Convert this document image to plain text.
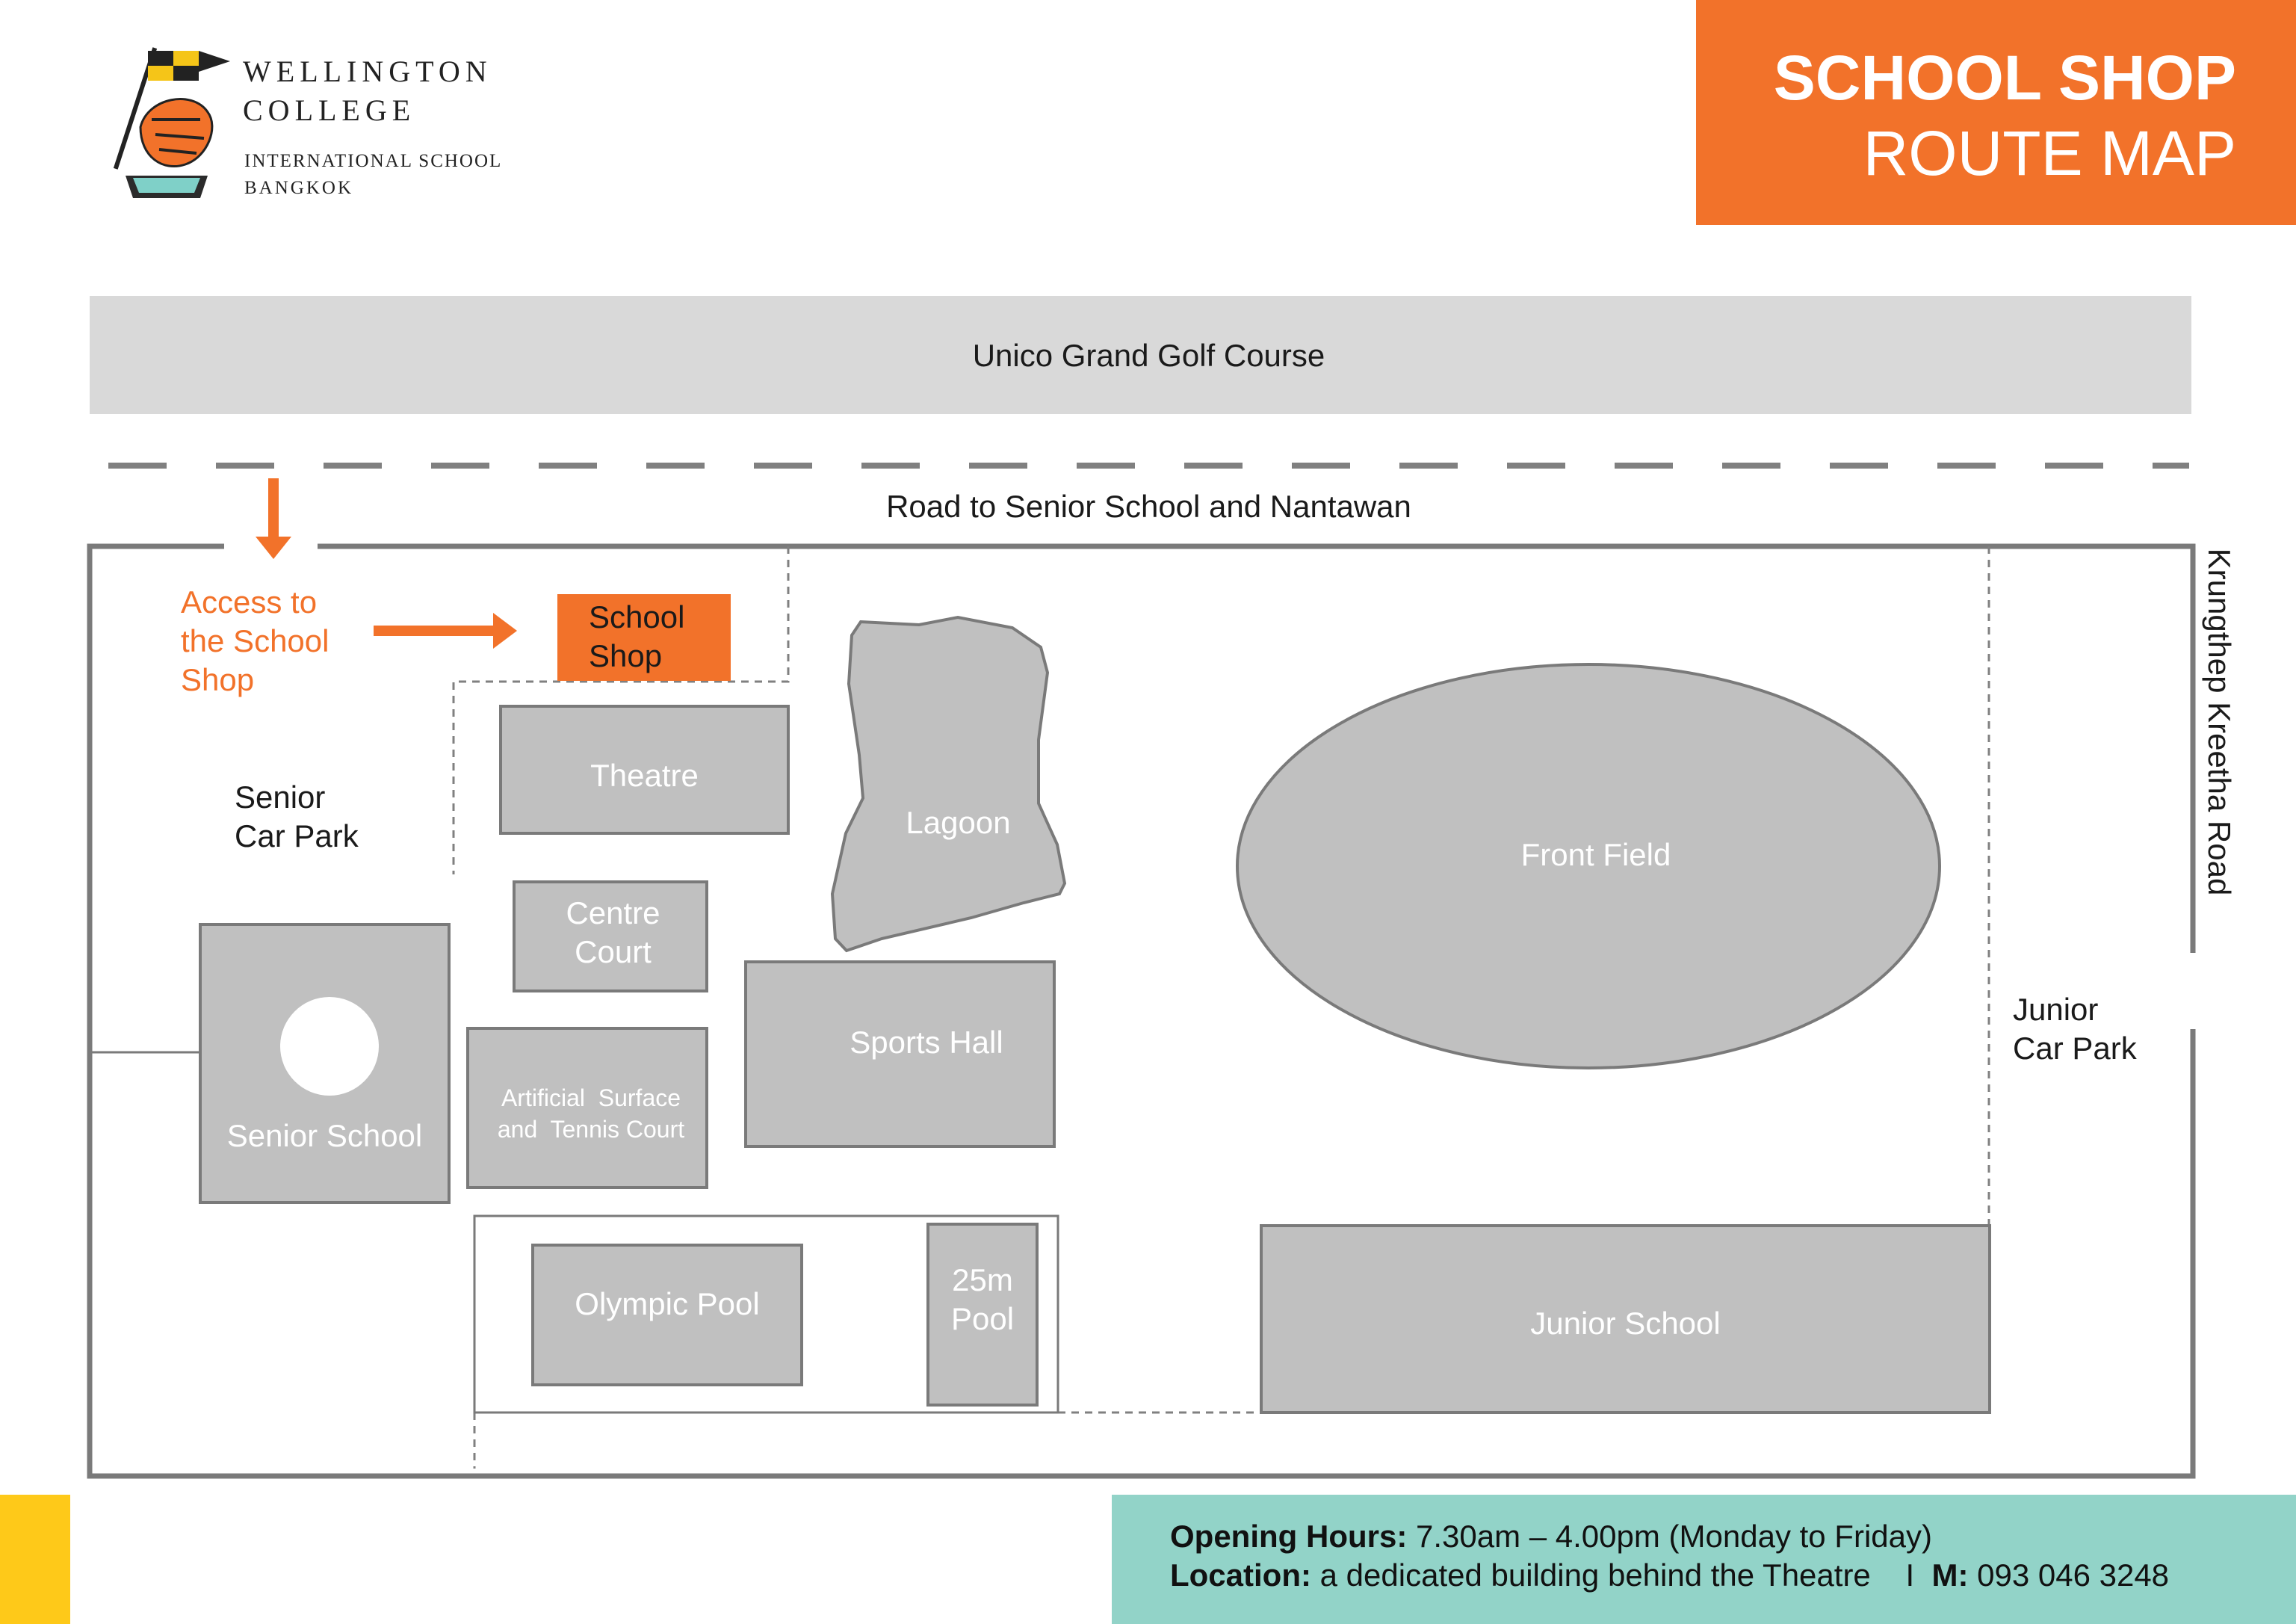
WELLINGTON
COLLEGE
INTERNATIONAL SCHOOL
BANGKOK
SCHOOL SHOP
ROUTE MAP
Unico Grand Golf Course
Road to Senior School and Nantawan
Krungthep Kreetha Road
Access to
the School
Shop
School
Shop
Senior
Car Park
Junior
Car Park
Theatre
Lagoon
Front Field
Centre
Court
Sports Hall
Artificial  Surface
and  Tennis Court
Senior School
Olympic Pool
25m
Pool	Junior School
Opening Hours: 7.30am – 4.00pm (Monday to Friday)
Location: a dedicated building behind the Theatre    I  M: 093 046 3248
